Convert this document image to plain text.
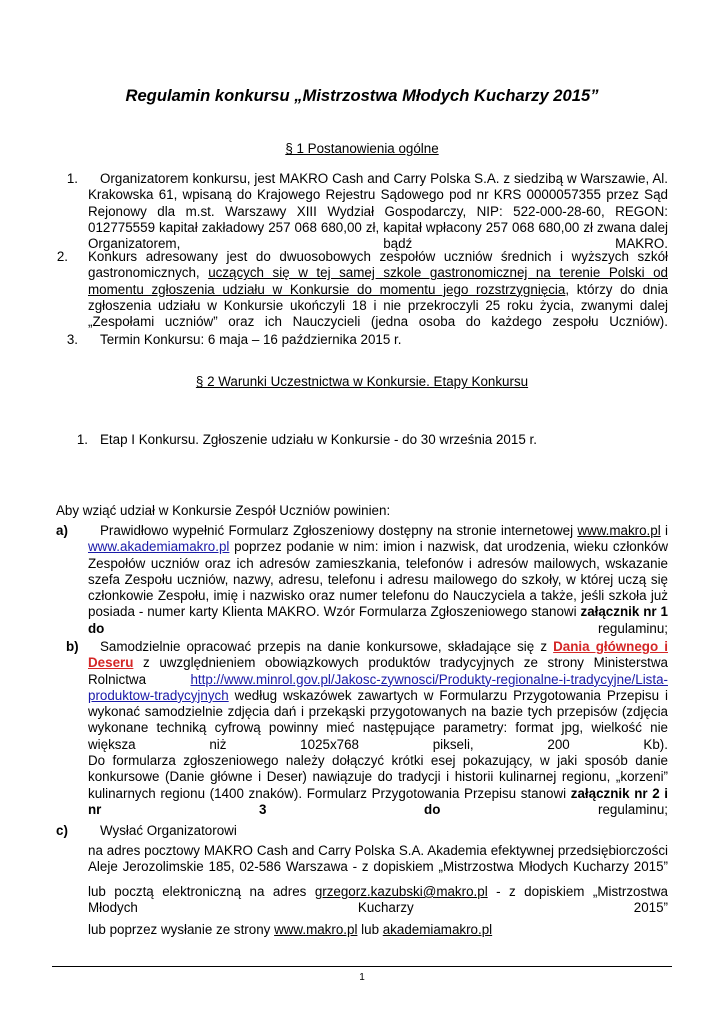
Regulamin konkursu „Mistrzostwa Młodych Kucharzy 2015”
§ 1 Postanowienia ogólne
1.	Organizatorem konkursu, jest MAKRO Cash and Carry Polska S.A. z siedzibą w Warszawie, Al. Krakowska 61, wpisaną do Krajowego Rejestru Sądowego pod nr KRS 0000057355 przez Sąd Rejonowy dla m.st. Warszawy XIII Wydział Gospodarczy, NIP: 522-000-28-60, REGON: 012775559 kapitał zakładowy 257 068 680,00 zł, kapitał wpłacony 257 068 680,00 zł zwana dalej Organizatorem, bądź MAKRO.
2. Konkurs adresowany jest do dwuosobowych zespołów uczniów średnich i wyższych szkół gastronomicznych, uczących się w tej samej szkole gastronomicznej na terenie Polski od momentu zgłoszenia udziału w Konkursie do momentu jego rozstrzygnięcia, którzy do dnia zgłoszenia udziału w Konkursie ukończyli 18 i nie przekroczyli 25 roku życia, zwanymi dalej „Zespołami uczniów” oraz ich Nauczycieli (jedna osoba do każdego zespołu Uczniów).
3. Termin Konkursu: 6 maja – 16 października 2015 r.
§ 2 Warunki Uczestnictwa w Konkursie. Etapy Konkursu
1. Etap I Konkursu. Zgłoszenie udziału w Konkursie - do 30 września 2015 r.
Aby wziąć udział w Konkursie Zespół Uczniów powinien:
a)	Prawidłowo wypełnić Formularz Zgłoszeniowy dostępny na stronie internetowej www.makro.pl i www.akademiamakro.pl poprzez podanie w nim: imion i nazwisk, dat urodzenia, wieku członków Zespołów uczniów oraz ich adresów zamieszkania, telefonów i adresów mailowych, wskazanie szefa Zespołu uczniów, nazwy, adresu, telefonu i adresu mailowego do szkoły, w której uczą się członkowie Zespołu, imię i nazwisko oraz numer telefonu do Nauczyciela a także, jeśli szkoła już posiada - numer karty Klienta MAKRO. Wzór Formularza Zgłoszeniowego stanowi załącznik nr 1 do regulaminu;
b)	Samodzielnie opracować przepis na danie konkursowe, składające się z Dania głównego i Deseru z uwzględnieniem obowiązkowych produktów tradycyjnych ze strony Ministerstwa Rolnictwa http://www.minrol.gov.pl/Jakosc-zywnosci/Produkty-regionalne-i-tradycyjne/Lista-produktow-tradycyjnych według wskazówek zawartych w Formularzu Przygotowania Przepisu i wykonać samodzielnie zdjęcia dań i przekąski przygotowanych na bazie tych przepisów (zdjęcia wykonane techniką cyfrową powinny mieć następujące parametry: format jpg, wielkość nie większa niż 1025x768 pikseli, 200 Kb).
Do formularza zgłoszeniowego należy dołączyć krótki esej pokazujący, w jaki sposób danie konkursowe (Danie główne i Deser) nawiązuje do tradycji i historii kulinarnej regionu, „korzeni” kulinarnych regionu (1400 znaków). Formularz Przygotowania Przepisu stanowi załącznik nr 2 i nr 3 do regulaminu;
c) Wysłać Organizatorowi
na adres pocztowy MAKRO Cash and Carry Polska S.A. Akademia efektywnej przedsiębiorczości Aleje Jerozolimskie 185, 02-586 Warszawa - z dopiskiem „Mistrzostwa Młodych Kucharzy 2015”
lub pocztą elektroniczną na adres grzegorz.kazubski@makro.pl - z dopiskiem „Mistrzostwa Młodych Kucharzy 2015”
lub poprzez wysłanie ze strony www.makro.pl lub akademiamakro.pl
1
